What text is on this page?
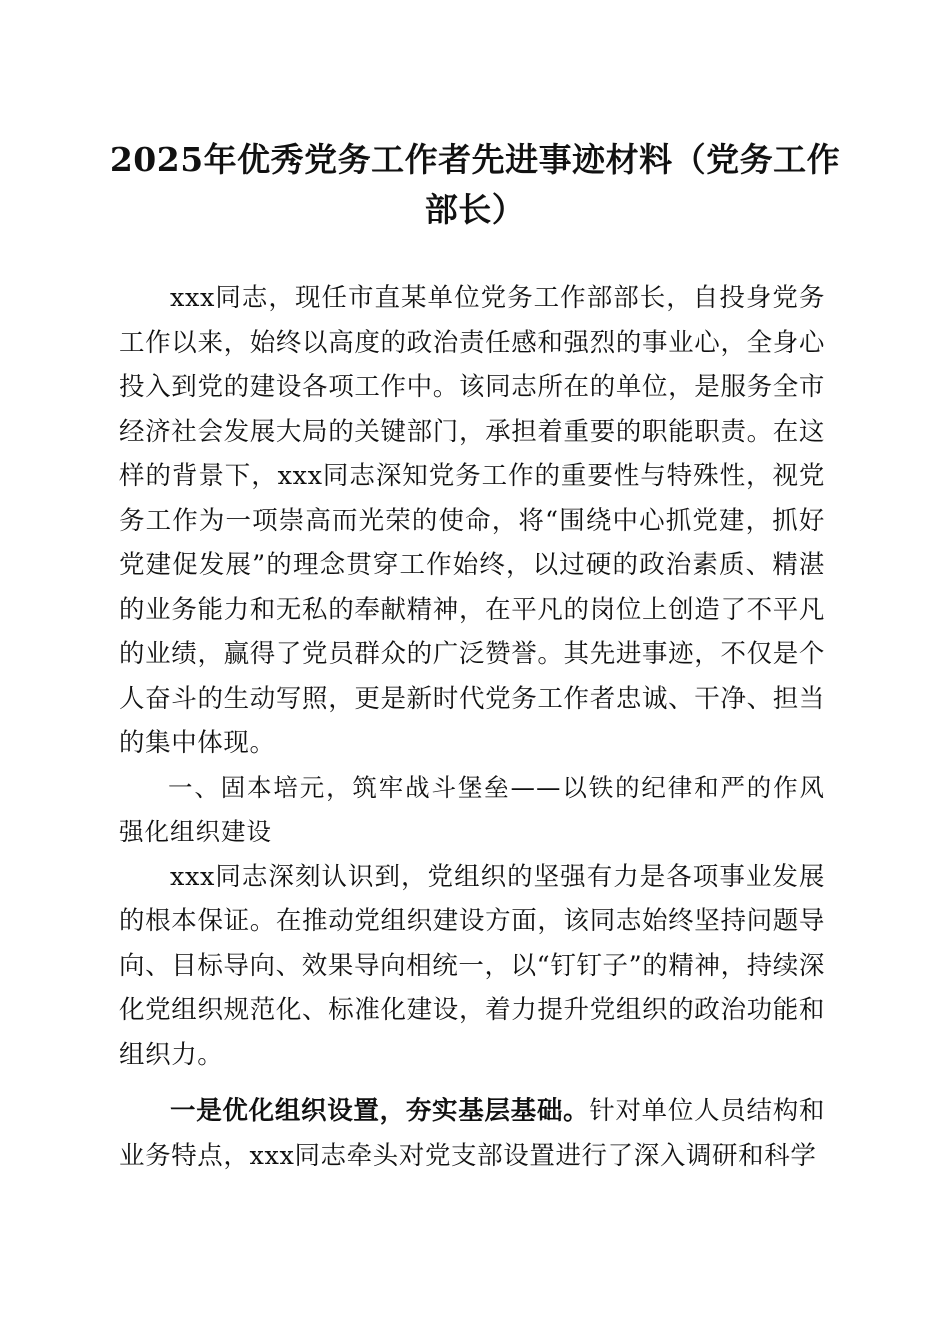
2025年优秀党务工作者先进事迹材料（党务工作部长）

xxx同志，现任市直某单位党务工作部部长，自投身党务工作以来，始终以高度的政治责任感和强烈的事业心，全身心投入到党的建设各项工作中。该同志所在的单位，是服务全市经济社会发展大局的关键部门，承担着重要的职能职责。在这样的背景下，xxx同志深知党务工作的重要性与特殊性，视党务工作为一项崇高而光荣的使命，将“围绕中心抓党建，抓好党建促发展”的理念贯穿工作始终，以过硬的政治素质、精湛的业务能力和无私的奉献精神，在平凡的岗位上创造了不平凡的业绩，赢得了党员群众的广泛赞誉。其先进事迹，不仅是个人奋斗的生动写照，更是新时代党务工作者忠诚、干净、担当的集中体现。

一、固本培元，筑牢战斗堡垒——以铁的纪律和严的作风强化组织建设

xxx同志深刻认识到，党组织的坚强有力是各项事业发展的根本保证。在推动党组织建设方面，该同志始终坚持问题导向、目标导向、效果导向相统一，以“钉钉子”的精神，持续深化党组织规范化、标准化建设，着力提升党组织的政治功能和组织力。

一是优化组织设置，夯实基层基础。针对单位人员结构和业务特点，xxx同志牵头对党支部设置进行了深入调研和科学
